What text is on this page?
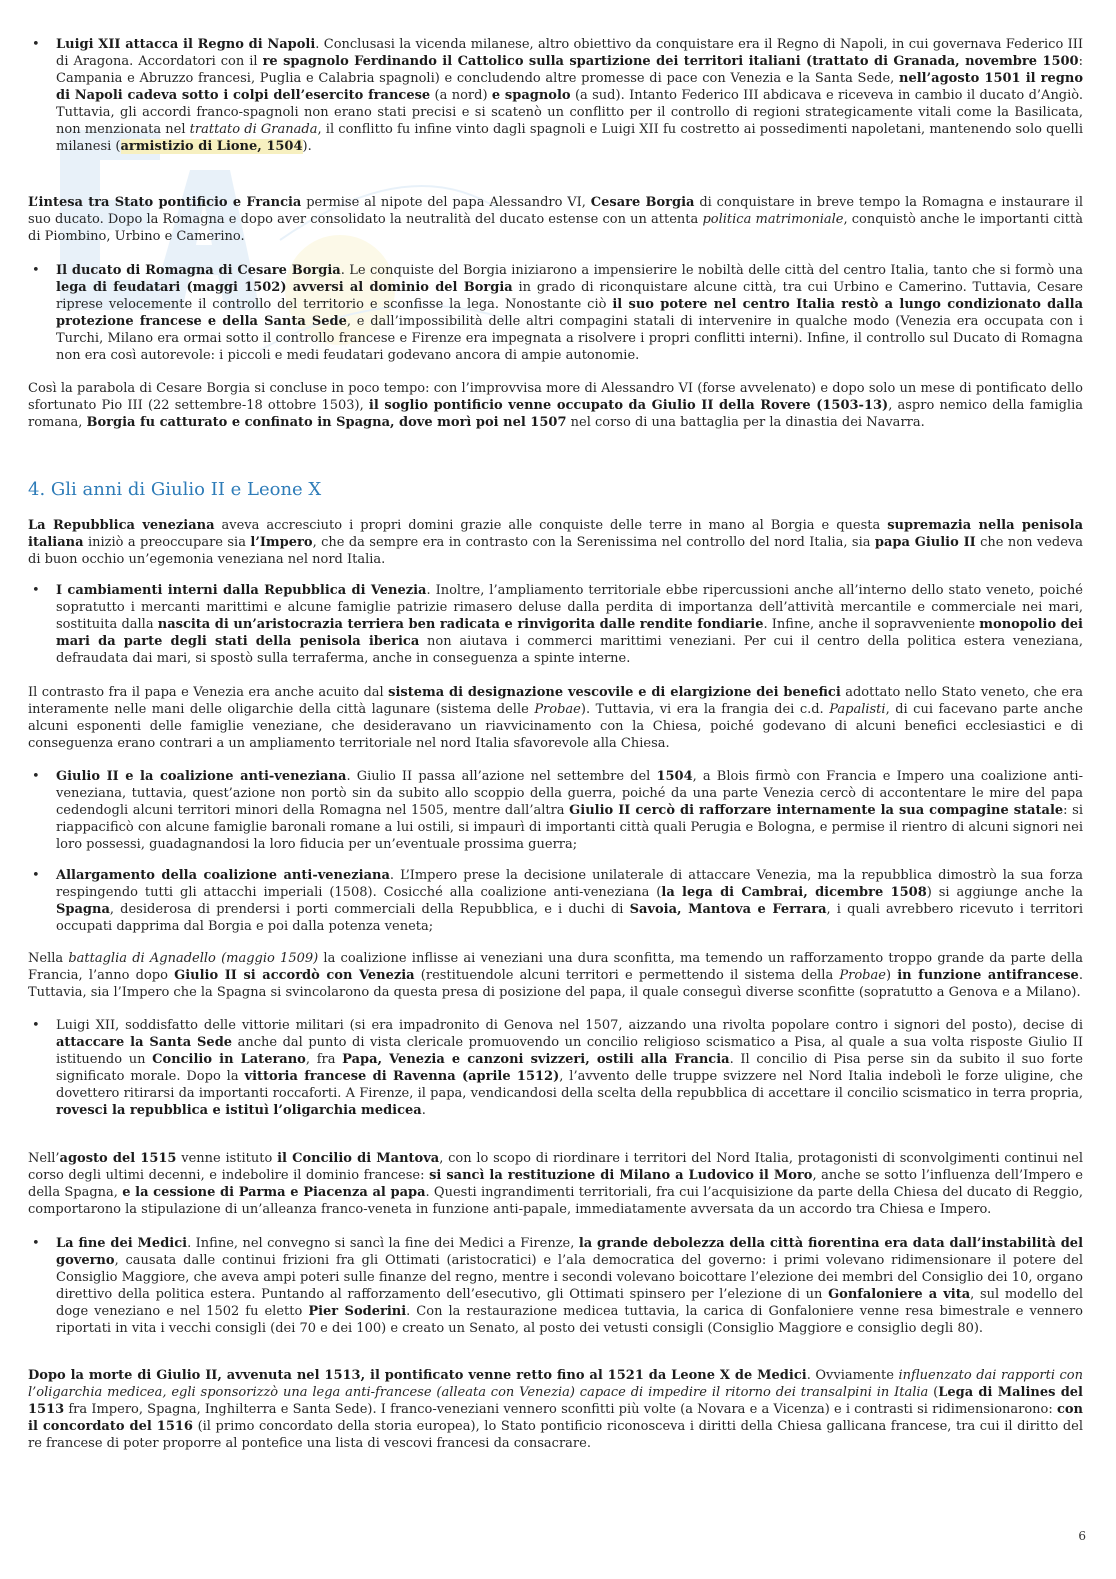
• Luigi XII attacca il Regno di Napoli. Conclusasi la vicenda milanese, altro obiettivo da conquistare era il Regno di Napoli, in cui governava Federico III di Aragona. Accordatori con il re spagnolo Ferdinando il Cattolico sulla spartizione dei territori italiani (trattato di Granada, novembre 1500: Campania e Abruzzo francesi, Puglia e Calabria spagnoli) e concludendo altre promesse di pace con Venezia e la Santa Sede, nell’agosto 1501 il regno di Napoli cadeva sotto i colpi dell’esercito francese (a nord) e spagnolo (a sud). Intanto Federico III abdicava e riceveva in cambio il ducato d’Angiò. Tuttavia, gli accordi franco-spagnoli non erano stati precisi e si scatenò un conflitto per il controllo di regioni strategicamente vitali come la Basilicata, non menzionata nel trattato di Granada, il conflitto fu infine vinto dagli spagnoli e Luigi XII fu costretto ai possedimenti napoletani, mantenendo solo quelli milanesi (armistizio di Lione, 1504).

L’intesa tra Stato pontificio e Francia permise al nipote del papa Alessandro VI, Cesare Borgia di conquistare in breve tempo la Romagna e instaurare il suo ducato. Dopo la Romagna e dopo aver consolidato la neutralità del ducato estense con un attenta politica matrimoniale, conquistò anche le importanti città di Piombino, Urbino e Camerino.

• Il ducato di Romagna di Cesare Borgia. Le conquiste del Borgia iniziarono a impensierire le nobiltà delle città del centro Italia, tanto che si formò una lega di feudatari (maggi 1502) avversi al dominio del Borgia in grado di riconquistare alcune città, tra cui Urbino e Camerino. Tuttavia, Cesare riprese velocemente il controllo del territorio e sconfisse la lega. Nonostante ciò il suo potere nel centro Italia restò a lungo condizionato dalla protezione francese e della Santa Sede, e dall’impossibilità delle altri compagini statali di intervenire in qualche modo (Venezia era occupata con i Turchi, Milano era ormai sotto il controllo francese e Firenze era impegnata a risolvere i propri conflitti interni). Infine, il controllo sul Ducato di Romagna non era così autorevole: i piccoli e medi feudatari godevano ancora di ampie autonomie.

Così la parabola di Cesare Borgia si concluse in poco tempo: con l’improvvisa more di Alessandro VI (forse avvelenato) e dopo solo un mese di pontificato dello sfortunato Pio III (22 settembre-18 ottobre 1503), il soglio pontificio venne occupato da Giulio II della Rovere (1503-13), aspro nemico della famiglia romana, Borgia fu catturato e confinato in Spagna, dove morì poi nel 1507 nel corso di una battaglia per la dinastia dei Navarra.

4. Gli anni di Giulio II e Leone X

La Repubblica veneziana aveva accresciuto i propri domini grazie alle conquiste delle terre in mano al Borgia e questa supremazia nella penisola italiana iniziò a preoccupare sia l’Impero, che da sempre era in contrasto con la Serenissima nel controllo del nord Italia, sia papa Giulio II che non vedeva di buon occhio un’egemonia veneziana nel nord Italia.

• I cambiamenti interni dalla Repubblica di Venezia. Inoltre, l’ampliamento territoriale ebbe ripercussioni anche all’interno dello stato veneto, poiché sopratutto i mercanti marittimi e alcune famiglie patrizie rimasero deluse dalla perdita di importanza dell’attività mercantile e commerciale nei mari, sostituita dalla nascita di un’aristocrazia terriera ben radicata e rinvigorita dalle rendite fondiarie. Infine, anche il sopravveniente monopolio dei mari da parte degli stati della penisola iberica non aiutava i commerci marittimi veneziani. Per cui il centro della politica estera veneziana, defraudata dai mari, si spostò sulla terraferma, anche in conseguenza a spinte interne.

Il contrasto fra il papa e Venezia era anche acuito dal sistema di designazione vescovile e di elargizione dei benefici adottato nello Stato veneto, che era interamente nelle mani delle oligarchie della città lagunare (sistema delle Probae). Tuttavia, vi era la frangia dei c.d. Papalisti, di cui facevano parte anche alcuni esponenti delle famiglie veneziane, che desideravano un riavvicinamento con la Chiesa, poiché godevano di alcuni benefici ecclesiastici e di conseguenza erano contrari a un ampliamento territoriale nel nord Italia sfavorevole alla Chiesa.

• Giulio II e la coalizione anti-veneziana. Giulio II passa all’azione nel settembre del 1504, a Blois firmò con Francia e Impero una coalizione anti-veneziana, tuttavia, quest’azione non portò sin da subito allo scoppio della guerra, poiché da una parte Venezia cercò di accontentare le mire del papa cedendogli alcuni territori minori della Romagna nel 1505, mentre dall’altra Giulio II cercò di rafforzare internamente la sua compagine statale: si riappacificò con alcune famiglie baronali romane a lui ostili, si impaurì di importanti città quali Perugia e Bologna, e permise il rientro di alcuni signori nei loro possessi, guadagnandosi la loro fiducia per un’eventuale prossima guerra;

• Allargamento della coalizione anti-veneziana. L’Impero prese la decisione unilaterale di attaccare Venezia, ma la repubblica dimostrò la sua forza respingendo tutti gli attacchi imperiali (1508). Cosicché alla coalizione anti-veneziana (la lega di Cambrai, dicembre 1508) si aggiunge anche la Spagna, desiderosa di prendersi i porti commerciali della Repubblica, e i duchi di Savoia, Mantova e Ferrara, i quali avrebbero ricevuto i territori occupati dapprima dal Borgia e poi dalla potenza veneta;

Nella battaglia di Agnadello (maggio 1509) la coalizione inflisse ai veneziani una dura sconfitta, ma temendo un rafforzamento troppo grande da parte della Francia, l’anno dopo Giulio II si accordò con Venezia (restituendole alcuni territori e permettendo il sistema della Probae) in funzione antifrancese. Tuttavia, sia l’Impero che la Spagna si svincolarono da questa presa di posizione del papa, il quale conseguì diverse sconfitte (sopratutto a Genova e a Milano).

• Luigi XII, soddisfatto delle vittorie militari (si era impadronito di Genova nel 1507, aizzando una rivolta popolare contro i signori del posto), decise di attaccare la Santa Sede anche dal punto di vista clericale promuovendo un concilio religioso scismatico a Pisa, al quale a sua volta risposte Giulio II istituendo un Concilio in Laterano, fra Papa, Venezia e canzoni svizzeri, ostili alla Francia. Il concilio di Pisa perse sin da subito il suo forte significato morale. Dopo la vittoria francese di Ravenna (aprile 1512), l’avvento delle truppe svizzere nel Nord Italia indebolì le forze uligine, che dovettero ritirarsi da importanti roccaforti. A Firenze, il papa, vendicandosi della scelta della repubblica di accettare il concilio scismatico in terra propria, rovesci la repubblica e istituì l’oligarchia medicea.

Nell’agosto del 1515 venne istituto il Concilio di Mantova, con lo scopo di riordinare i territori del Nord Italia, protagonisti di sconvolgimenti continui nel corso degli ultimi decenni, e indebolire il dominio francese: si sancì la restituzione di Milano a Ludovico il Moro, anche se sotto l’influenza dell’Impero e della Spagna, e la cessione di Parma e Piacenza al papa. Questi ingrandimenti territoriali, fra cui l’acquisizione da parte della Chiesa del ducato di Reggio, comportarono la stipulazione di un’alleanza franco-veneta in funzione anti-papale, immediatamente avversata da un accordo tra Chiesa e Impero.

• La fine dei Medici. Infine, nel convegno si sancì la fine dei Medici a Firenze, la grande debolezza della città fiorentina era data dall’instabilità del governo, causata dalle continui frizioni fra gli Ottimati (aristocratici) e l’ala democratica del governo: i primi volevano ridimensionare il potere del Consiglio Maggiore, che aveva ampi poteri sulle finanze del regno, mentre i secondi volevano boicottare l’elezione dei membri del Consiglio dei 10, organo direttivo della politica estera. Puntando al rafforzamento dell’esecutivo, gli Ottimati spinsero per l’elezione di un Gonfaloniere a vita, sul modello del doge veneziano e nel 1502 fu eletto Pier Soderini. Con la restaurazione medicea tuttavia, la carica di Gonfaloniere venne resa bimestrale e vennero riportati in vita i vecchi consigli (dei 70 e dei 100) e creato un Senato, al posto dei vetusti consigli (Consiglio Maggiore e consiglio degli 80).

Dopo la morte di Giulio II, avvenuta nel 1513, il pontificato venne retto fino al 1521 da Leone X de Medici. Ovviamente influenzato dai rapporti con l’oligarchia medicea, egli sponsorizzò una lega anti-francese (alleata con Venezia) capace di impedire il ritorno dei transalpini in Italia (Lega di Malines del 1513 fra Impero, Spagna, Inghilterra e Santa Sede). I franco-veneziani vennero sconfitti più volte (a Novara e a Vicenza) e i contrasti si ridimensionarono: con il concordato del 1516 (il primo concordato della storia europea), lo Stato pontificio riconosceva i diritti della Chiesa gallicana francese, tra cui il diritto del re francese di poter proporre al pontefice una lista di vescovi francesi da consacrare.

6
